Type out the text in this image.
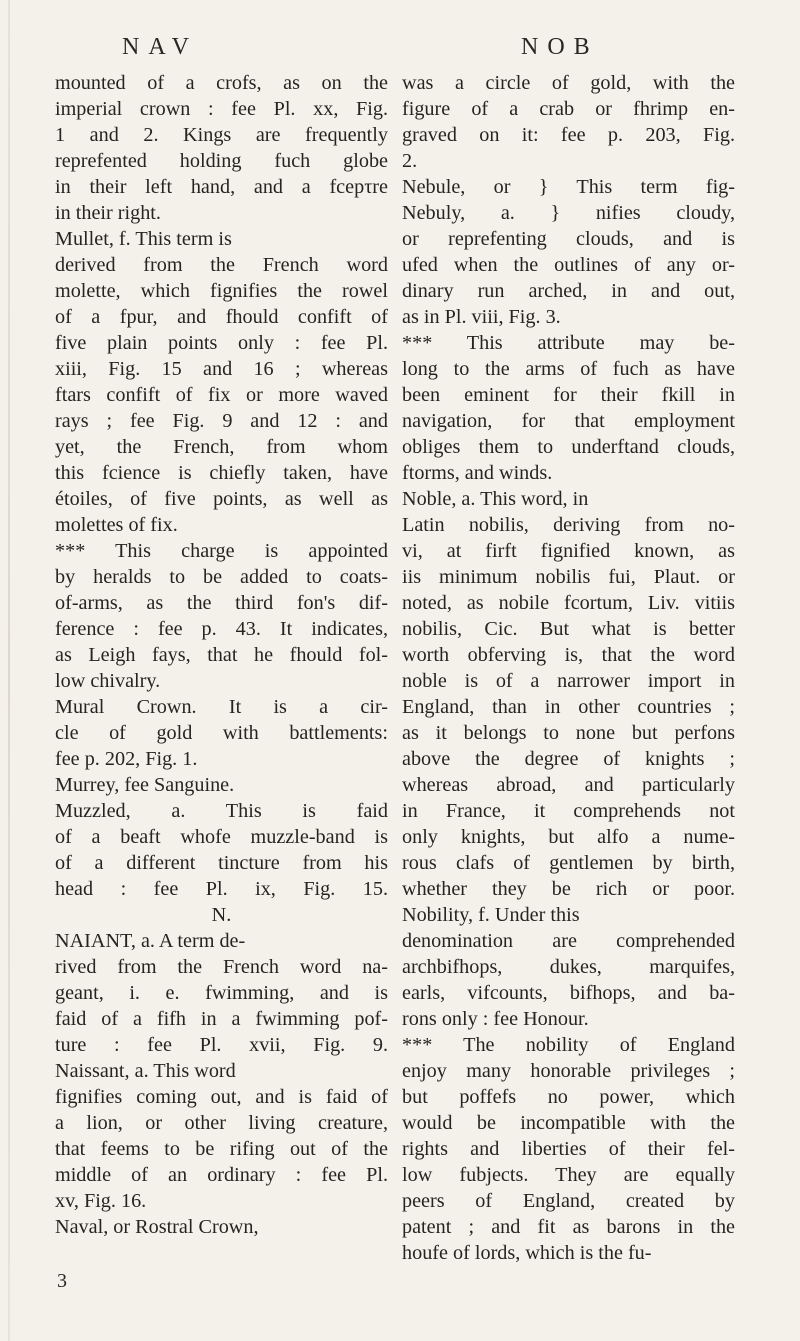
NAV	NOB
mounted of a crofs, as on the
imperial crown : fee Pl. xx, Fig.
1 and 2. Kings are frequently
reprefented holding fuch globe
in their left hand, and a fcepτre
in their right.
Mullet, f. This term is
derived from the French word
molette, which fignifies the rowel
of a fpur, and fhould confift of
five plain points only : fee Pl.
xiii, Fig. 15 and 16 ; whereas
ftars confift of fix or more waved
rays ; fee Fig. 9 and 12 : and
yet, the French, from whom
this fcience is chiefly taken, have
étoiles, of five points, as well as
molettes of fix.
*** This charge is appointed
by heralds to be added to coats-
of-arms, as the third fon's dif-
ference : fee p. 43. It indicates,
as Leigh fays, that he fhould fol-
low chivalry.
Mural Crown. It is a cir-
cle of gold with battlements:
fee p. 202, Fig. 1.
Murrey, fee Sanguine.
Muzzled, a. This is faid
of a beaft whofe muzzle-band is
of a different tincture from his
head : fee Pl. ix, Fig. 15.
N.
NAIANT, a. A term de-
rived from the French word na-
geant, i. e. fwimming, and is
faid of a fifh in a fwimming pof-
ture : fee Pl. xvii, Fig. 9.
Naissant, a. This word
fignifies coming out, and is faid of
a lion, or other living creature,
that feems to be rifing out of the
middle of an ordinary : fee Pl.
xv, Fig. 16.
Naval, or Rostral Crown,
was a circle of gold, with the
figure of a crab or fhrimp en-
graved on it: fee p. 203, Fig.
2.
Nebule, or } This term fig-
Nebuly, a. } nifies cloudy,
or reprefenting clouds, and is
ufed when the outlines of any or-
dinary run arched, in and out,
as in Pl. viii, Fig. 3.
*** This attribute may be-
long to the arms of fuch as have
been eminent for their fkill in
navigation, for that employment
obliges them to underftand clouds,
ftorms, and winds.
Noble, a. This word, in
Latin nobilis, deriving from no-
vi, at firft fignified known, as
iis minimum nobilis fui, Plaut. or
noted, as nobile fcortum, Liv. vitiis
nobilis, Cic. But what is better
worth obferving is, that the word
noble is of a narrower import in
England, than in other countries ;
as it belongs to none but perfons
above the degree of knights ;
whereas abroad, and particularly
in France, it comprehends not
only knights, but alfo a nume-
rous clafs of gentlemen by birth,
whether they be rich or poor.
Nobility, f. Under this
denomination are comprehended
archbifhops, dukes, marquifes,
earls, vifcounts, bifhops, and ba-
rons only : fee Honour.
*** The nobility of England
enjoy many honorable privileges ;
but poffefs no power, which
would be incompatible with the
rights and liberties of their fel-
low fubjects. They are equally
peers of England, created by
patent ; and fit as barons in the
houfe of lords, which is the fu-
3
